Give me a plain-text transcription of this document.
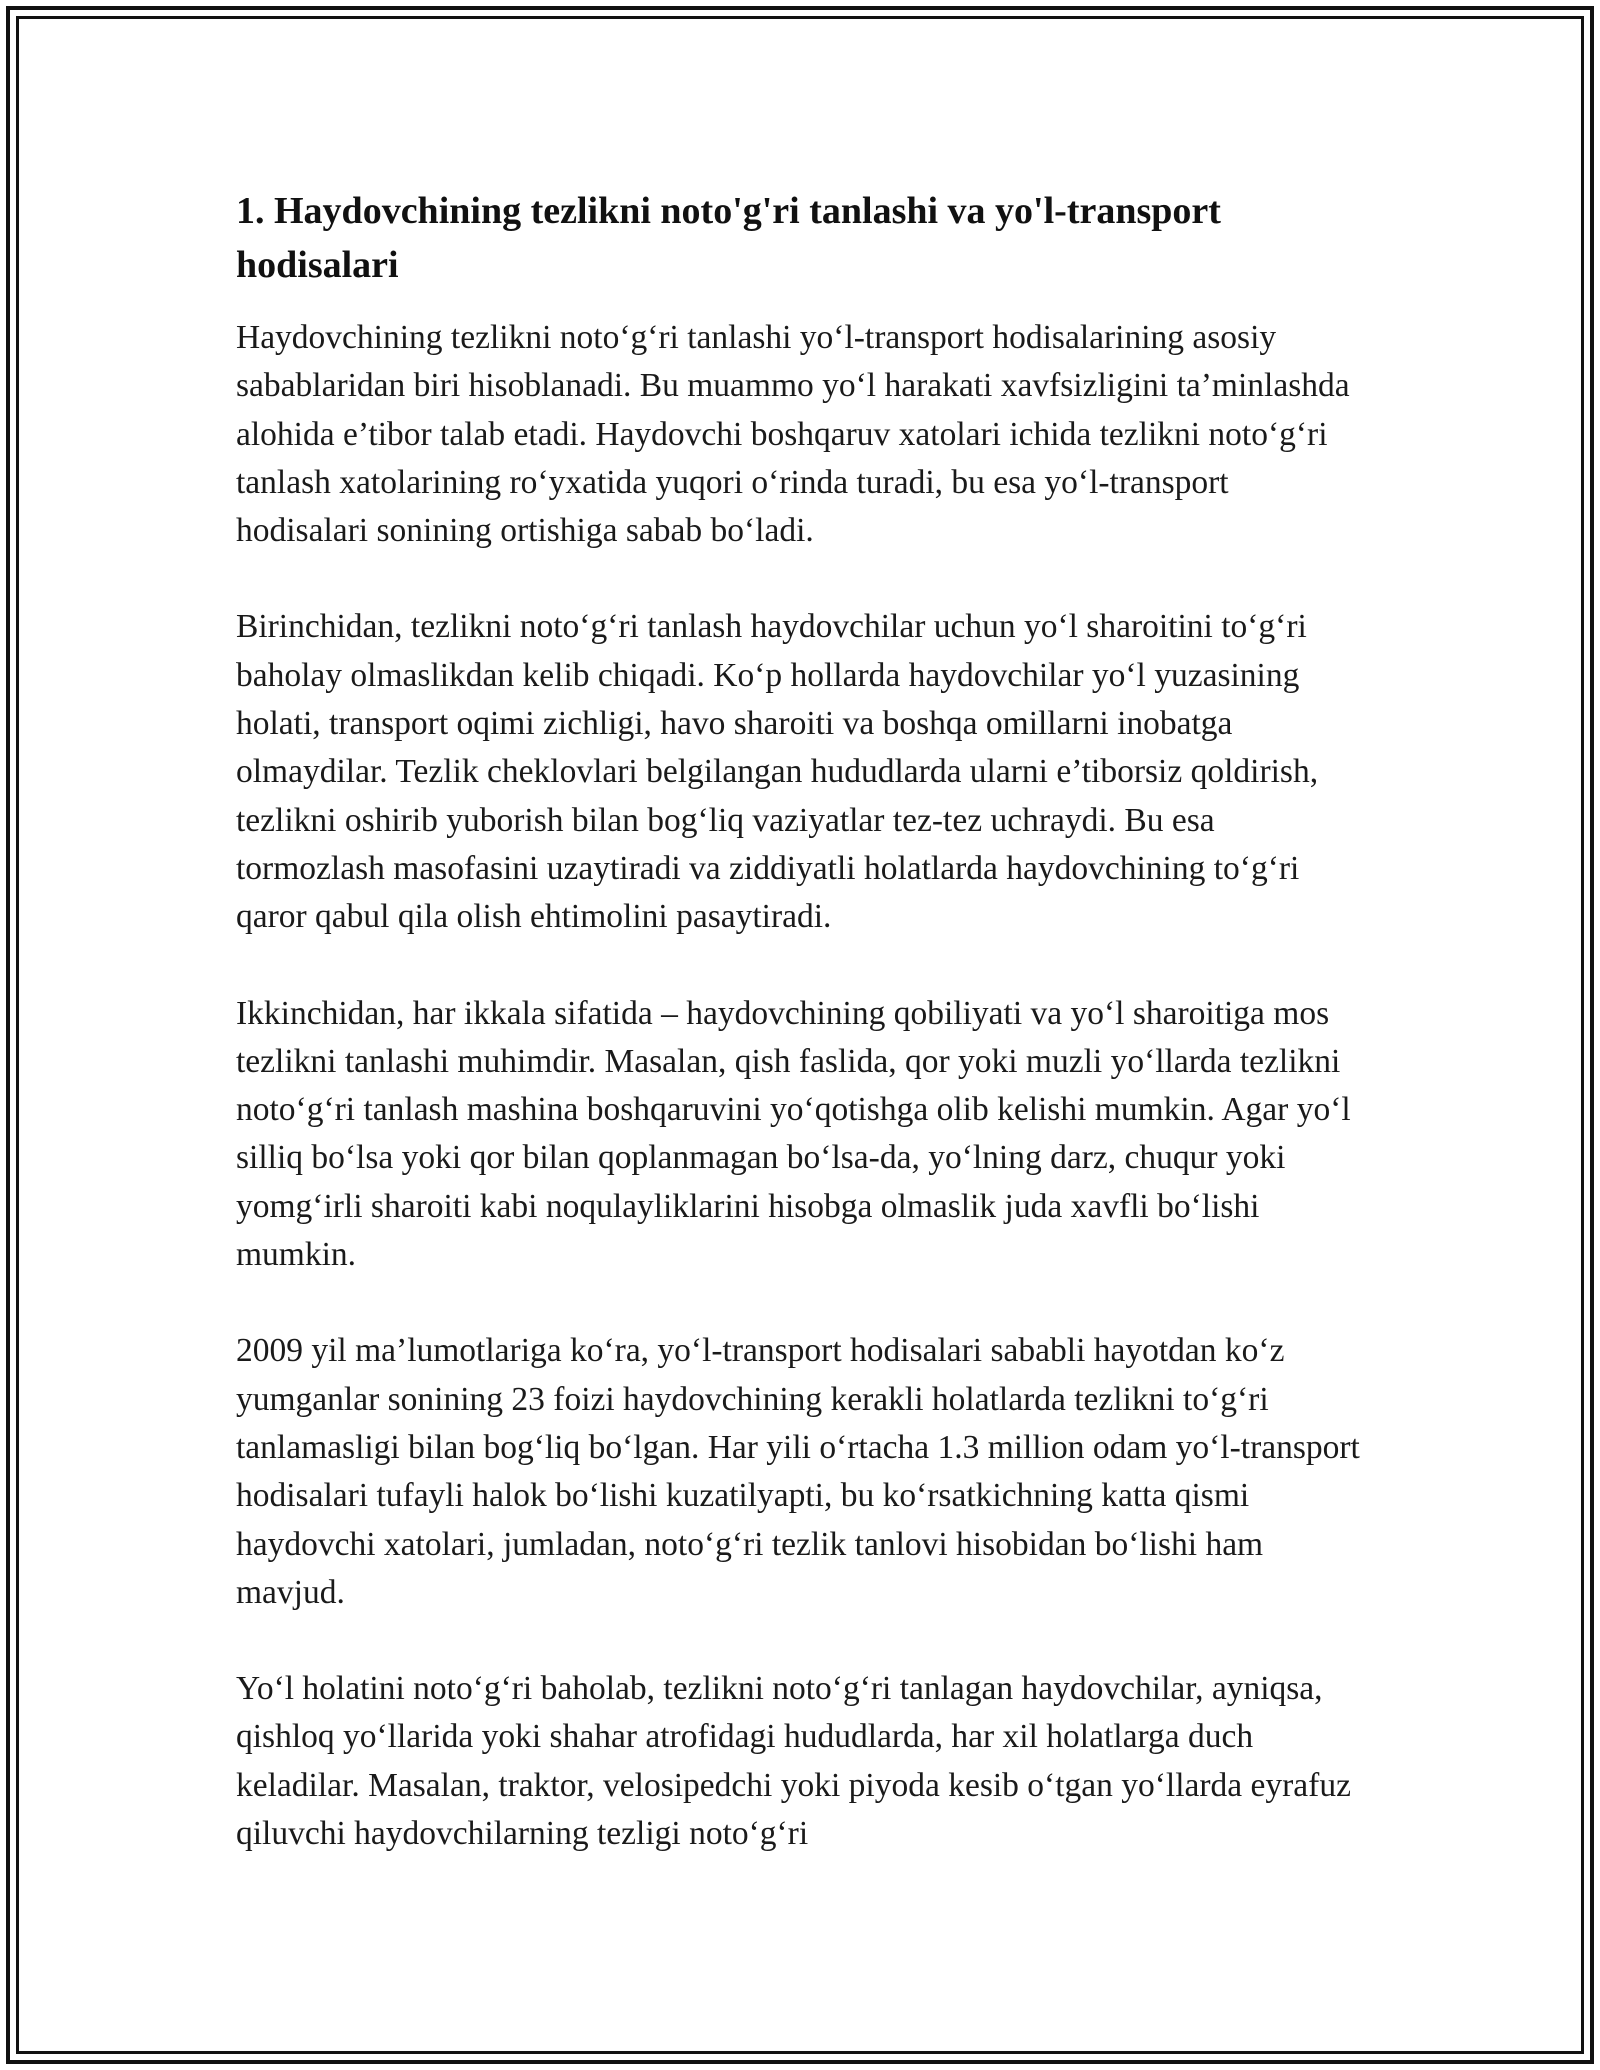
1. Haydovchining tezlikni noto'g'ri tanlashi va yo'l-transport hodisalari

Haydovchining tezlikni noto‘g‘ri tanlashi yo‘l-transport hodisalarining asosiy sabablaridan biri hisoblanadi. Bu muammo yo‘l harakati xavfsizligini ta’minlashda alohida e’tibor talab etadi. Haydovchi boshqaruv xatolari ichida tezlikni noto‘g‘ri tanlash xatolarining ro‘yxatida yuqori o‘rinda turadi, bu esa yo‘l-transport hodisalari sonining ortishiga sabab bo‘ladi.

Birinchidan, tezlikni noto‘g‘ri tanlash haydovchilar uchun yo‘l sharoitini to‘g‘ri baholay olmaslikdan kelib chiqadi. Ko‘p hollarda haydovchilar yo‘l yuzasining holati, transport oqimi zichligi, havo sharoiti va boshqa omillarni inobatga olmaydilar. Tezlik cheklovlari belgilangan hududlarda ularni e’tiborsiz qoldirish, tezlikni oshirib yuborish bilan bog‘liq vaziyatlar tez-tez uchraydi. Bu esa tormozlash masofasini uzaytiradi va ziddiyatli holatlarda haydovchining to‘g‘ri qaror qabul qila olish ehtimolini pasaytiradi.

Ikkinchidan, har ikkala sifatida – haydovchining qobiliyati va yo‘l sharoitiga mos tezlikni tanlashi muhimdir. Masalan, qish faslida, qor yoki muzli yo‘llarda tezlikni noto‘g‘ri tanlash mashina boshqaruvini yo‘qotishga olib kelishi mumkin. Agar yo‘l silliq bo‘lsa yoki qor bilan qoplanmagan bo‘lsa-da, yo‘lning darz, chuqur yoki yomg‘irli sharoiti kabi noqulayliklarini hisobga olmaslik juda xavfli bo‘lishi mumkin.

2009 yil ma’lumotlariga ko‘ra, yo‘l-transport hodisalari sababli hayotdan ko‘z yumganlar sonining 23 foizi haydovchining kerakli holatlarda tezlikni to‘g‘ri tanlamasligi bilan bog‘liq bo‘lgan. Har yili o‘rtacha 1.3 million odam yo‘l-transport hodisalari tufayli halok bo‘lishi kuzatilyapti, bu ko‘rsatkichning katta qismi haydovchi xatolari, jumladan, noto‘g‘ri tezlik tanlovi hisobidan bo‘lishi ham mavjud.

Yo‘l holatini noto‘g‘ri baholab, tezlikni noto‘g‘ri tanlagan haydovchilar, ayniqsa, qishloq yo‘llarida yoki shahar atrofidagi hududlarda, har xil holatlarga duch keladilar. Masalan, traktor, velosipedchi yoki piyoda kesib o‘tgan yo‘llarda eyrafuz qiluvchi haydovchilarning tezligi noto‘g‘ri
